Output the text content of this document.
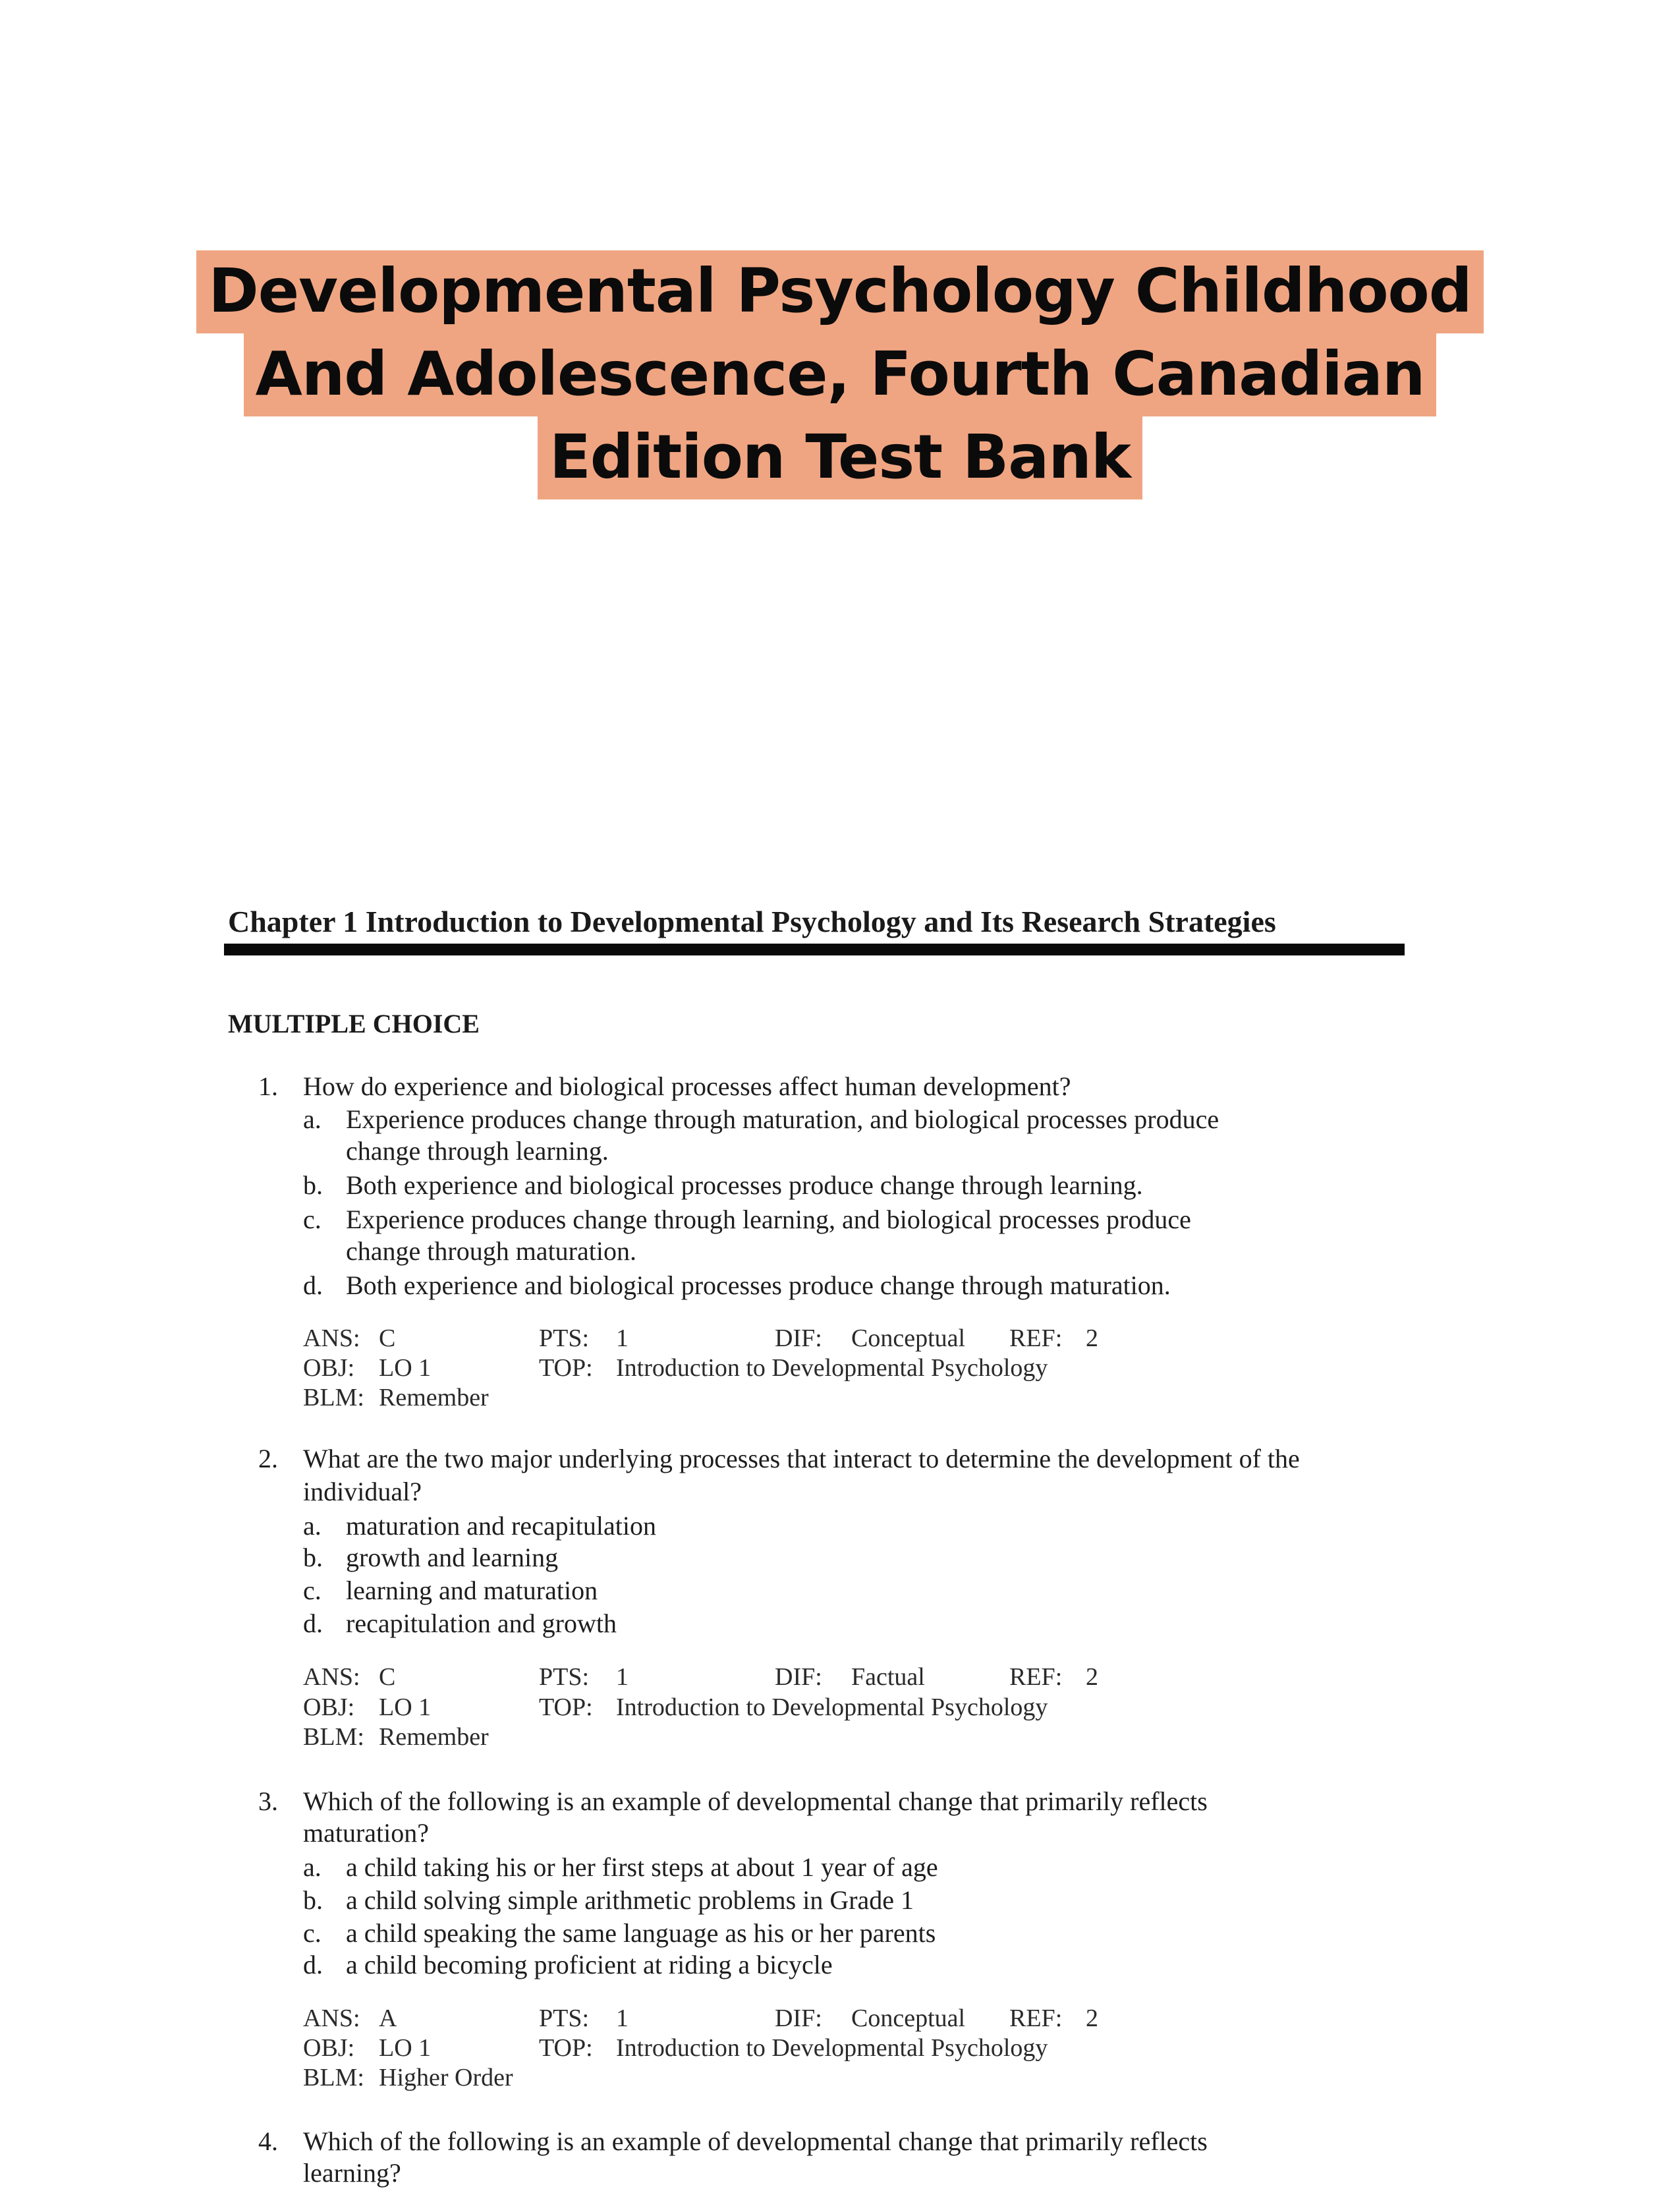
Developmental Psychology Childhood
And Adolescence, Fourth Canadian
Edition Test Bank
Chapter 1 Introduction to Developmental Psychology and Its Research Strategies
MULTIPLE CHOICE
1. How do experience and biological processes affect human development?
a. Experience produces change through maturation, and biological processes produce
change through learning.
b. Both experience and biological processes produce change through learning.
c. Experience produces change through learning, and biological processes produce
change through maturation.
d. Both experience and biological processes produce change through maturation.
ANS: C	PTS: 1	DIF: Conceptual REF: 2
OBJ: LO 1	TOP: Introduction to Developmental Psychology
BLM: Remember
2. What are the two major underlying processes that interact to determine the development of the
individual?
a. maturation and recapitulation
b. growth and learning
c. learning and maturation
d. recapitulation and growth
ANS: C	PTS: 1	DIF: Factual	REF: 2
OBJ: LO 1	TOP: Introduction to Developmental Psychology
BLM: Remember
3. Which of the following is an example of developmental change that primarily reflects
maturation?
a. a child taking his or her first steps at about 1 year of age
b. a child solving simple arithmetic problems in Grade 1
c. a child speaking the same language as his or her parents
d. a child becoming proficient at riding a bicycle
ANS: A	PTS: 1	DIF: Conceptual REF: 2
OBJ: LO 1	TOP: Introduction to Developmental Psychology
BLM: Higher Order
4. Which of the following is an example of developmental change that primarily reflects
learning?
